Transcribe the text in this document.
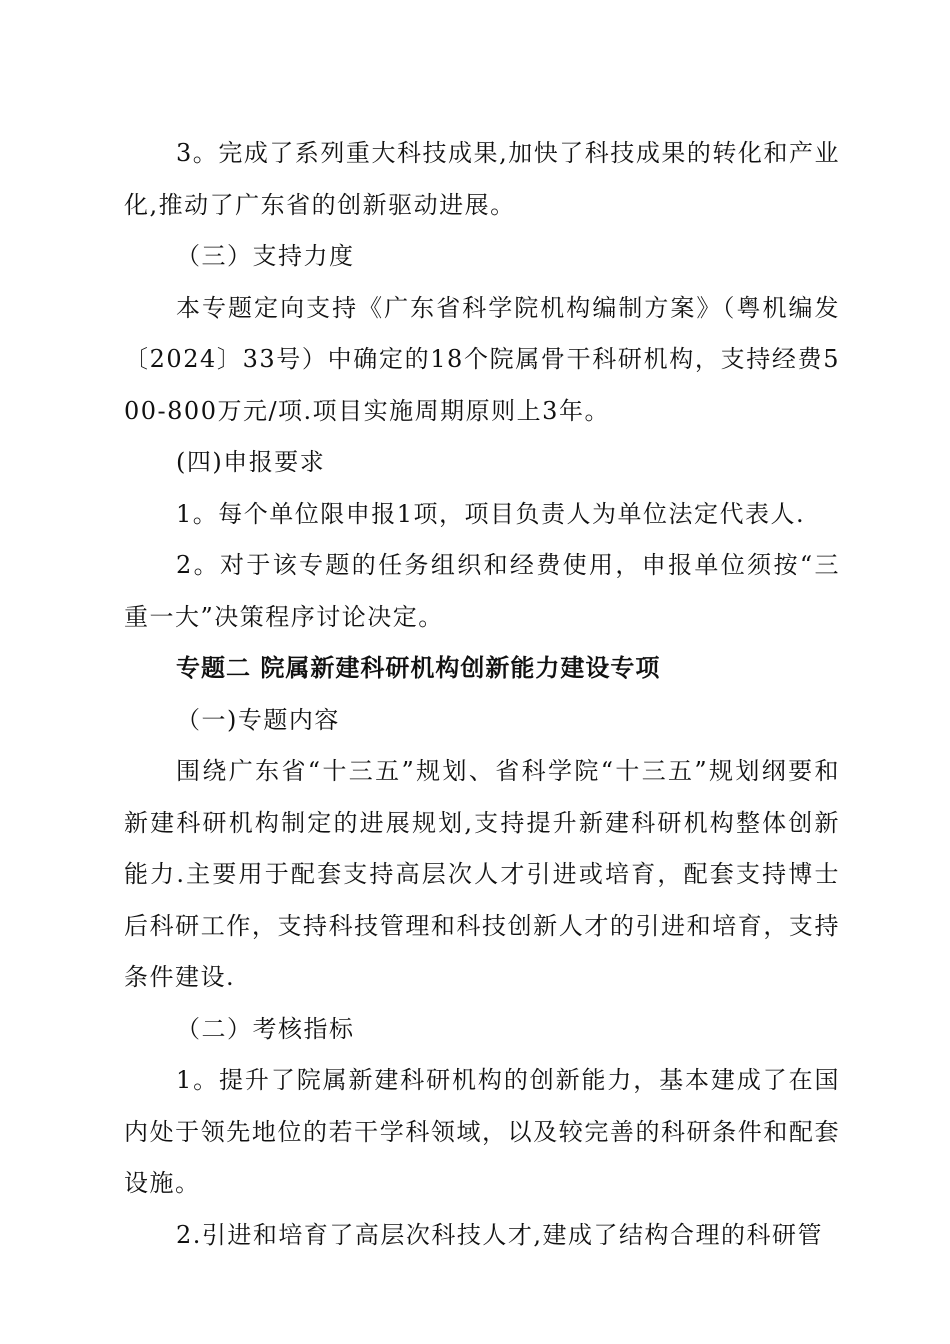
3。完成了系列重大科技成果,加快了科技成果的转化和产业化,推动了广东省的创新驱动进展。

（三）支持力度

本专题定向支持《广东省科学院机构编制方案》（粤机编发〔2024〕33号）中确定的18个院属骨干科研机构，支持经费500-800万元/项.项目实施周期原则上3年。

(四)申报要求

1。每个单位限申报1项，项目负责人为单位法定代表人.

2。对于该专题的任务组织和经费使用，申报单位须按“三重一大”决策程序讨论决定。

专题二 院属新建科研机构创新能力建设专项

（一)专题内容

围绕广东省“十三五”规划、省科学院“十三五”规划纲要和新建科研机构制定的进展规划,支持提升新建科研机构整体创新能力.主要用于配套支持高层次人才引进或培育，配套支持博士后科研工作，支持科技管理和科技创新人才的引进和培育，支持条件建设.

（二）考核指标

1。提升了院属新建科研机构的创新能力，基本建成了在国内处于领先地位的若干学科领域，以及较完善的科研条件和配套设施。

2.引进和培育了高层次科技人才,建成了结构合理的科研管
